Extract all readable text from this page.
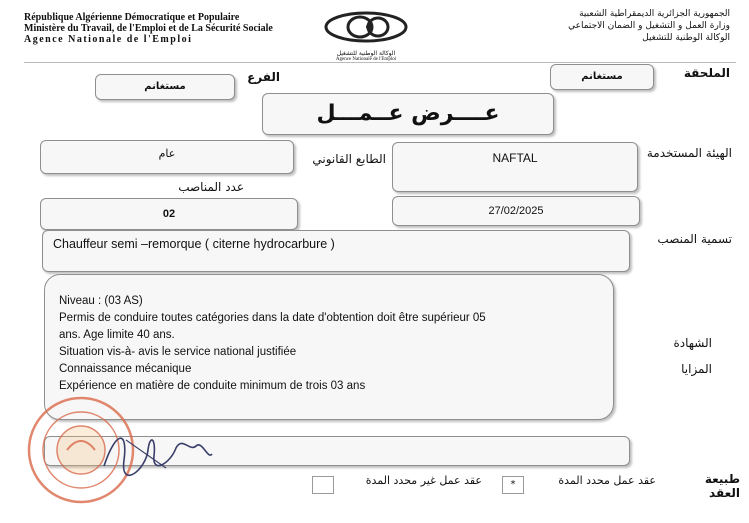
République Algérienne Démocratique et Populaire
Ministère du Travail, de l'Emploi et de La Sécurité Sociale
Agence Nationale de l'Emploi
الوكالة الوطنية للتشغيل
Agence Nationale de l'Emploi
الجمهورية الجزائرية الديمقراطية الشعبية
وزارة العمل و التشغيل و الضمان الاجتماعي
الوكالة الوطنية للتشغيل
الملحقة
مستغانم
الفرع
مستغانم
عــــرض عــمـــل
الهيئة المستخدمة
NAFTAL
الطابع القانوني
عام
عدد المناصب
02	27/02/2025
تسمية المنصب
Chauffeur semi –remorque ( citerne hydrocarbure )
الشهادة
المزايا

Niveau : (03 AS)

Permis de conduire toutes catégories dans la date d'obtention doit être supérieur 05

ans. Age limite 40 ans.

Situation vis-à- avis le service national justifiée

Connaissance mécanique

Expérience en matière de conduite minimum de trois 03 ans

طبيعة العقد
عقد عمل محدد المدة
*
عقد عمل غير محدد المدة
